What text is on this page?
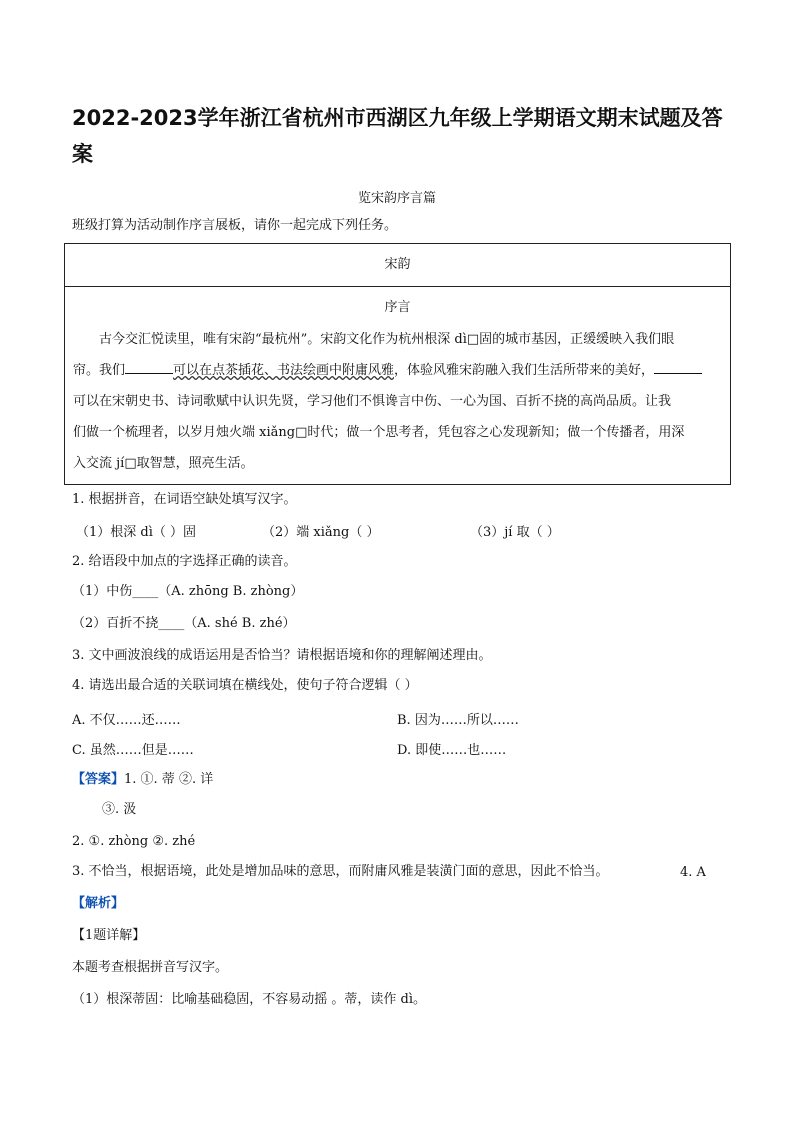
2022-2023学年浙江省杭州市西湖区九年级上学期语文期末试题及答
案
览宋韵序言篇
班级打算为活动制作序言展板，请你一起完成下列任务。
宋韵
序言
古今交汇悦读里，唯有宋韵“最杭州”。宋韵文化作为杭州根深 dì□固的城市基因，正缓缓映入我们眼
帘。我们	可以在点茶插花、书法绘画中附庸风雅，体验风雅宋韵融入我们生活所带来的美好，
可以在宋朝史书、诗词歌赋中认识先贤，学习他们不惧谗言中伤、一心为国、百折不挠的高尚品质。让我
们做一个梳理者，以岁月烛火端 xiǎng□时代；做一个思考者，凭包容之心发现新知；做一个传播者，用深
入交流 jí□取智慧，照亮生活。
1. 根据拼音，在词语空缺处填写汉字。
（1）根深 dì（ ）固	（2）端 xiǎng（ ）	（3）jí 取（ ）
2. 给语段中加点的字选择正确的读音。
（1）中伤____（A. zhōng B. zhòng）
（2）百折不挠____（A. shé B. zhé）
3. 文中画波浪线的成语运用是否恰当？请根据语境和你的理解阐述理由。
4. 请选出最合适的关联词填在横线处，使句子符合逻辑（ ）
A. 不仅……还……	B. 因为……所以……
C. 虽然……但是……	D. 即使……也……
【答案】1. ①. 蒂 ②. 详
③. 汲
2. ①. zhòng ②. zhé
3. 不恰当，根据语境，此处是增加品味的意思，而附庸风雅是装潢门面的意思，因此不恰当。	4. A
【解析】
【1题详解】
本题考查根据拼音写汉字。
（1）根深蒂固：比喻基础稳固，不容易动摇 。蒂，读作 dì。
